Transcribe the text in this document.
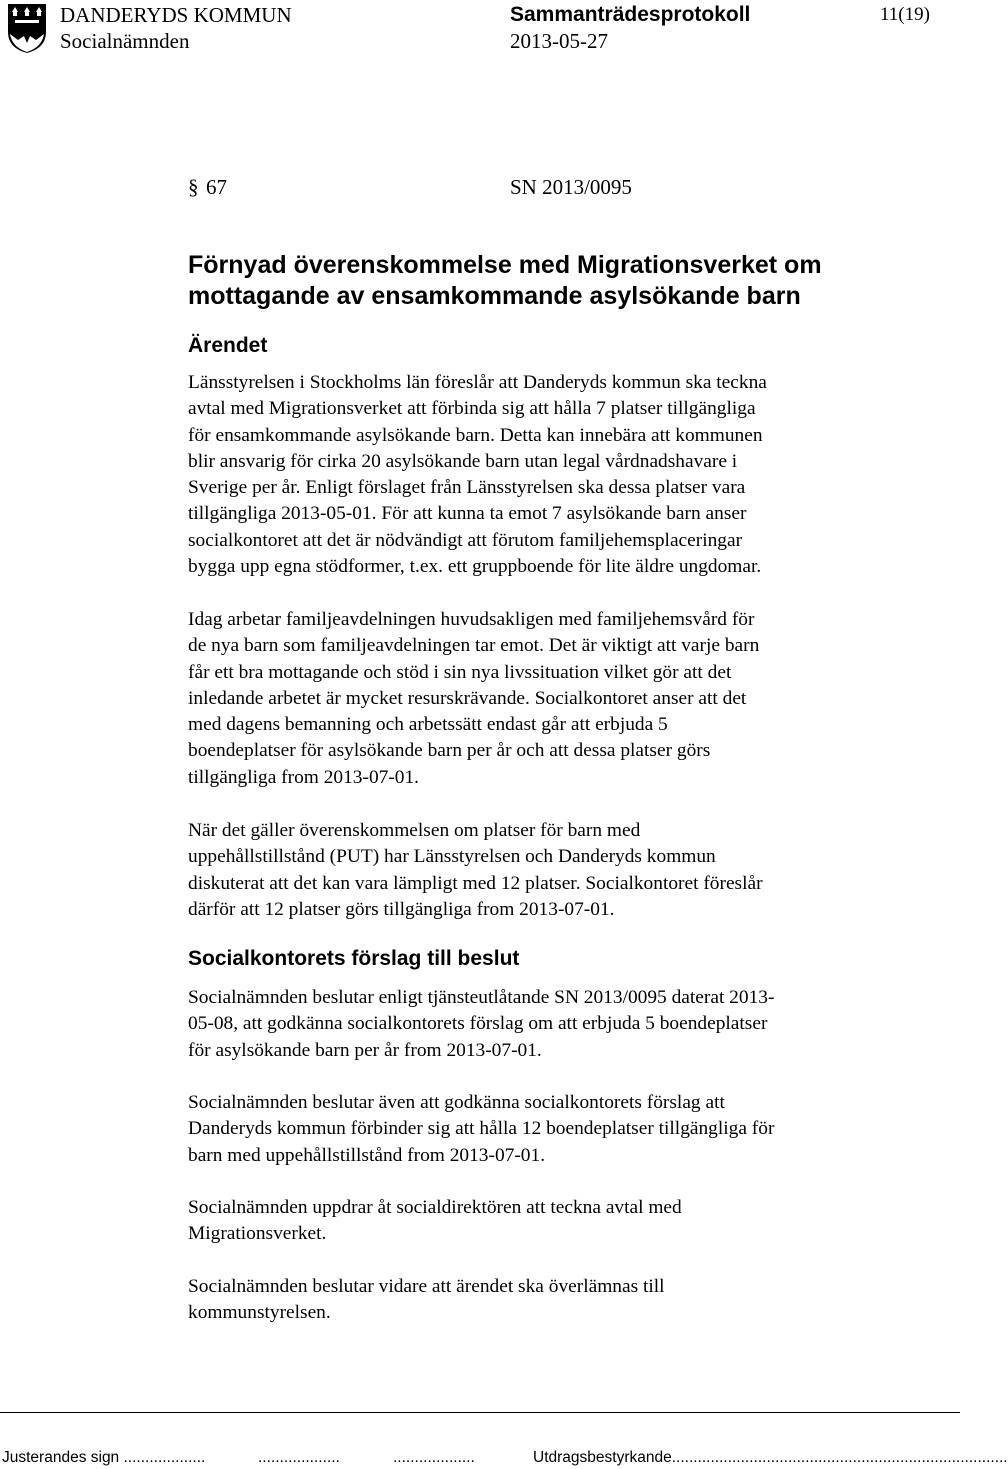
DANDERYDS KOMMUN	Sammanträdesprotokoll	11(19)
Socialnämnden	2013-05-27
§ 67	SN 2013/0095
Förnyad överenskommelse med Migrationsverket om
mottagande av ensamkommande asylsökande barn
Ärendet

Länsstyrelsen i Stockholms län föreslår att Danderyds kommun ska teckna

avtal med Migrationsverket att förbinda sig att hålla 7 platser tillgängliga

för ensamkommande asylsökande barn. Detta kan innebära att kommunen

blir ansvarig för cirka 20 asylsökande barn utan legal vårdnadshavare i

Sverige per år. Enligt förslaget från Länsstyrelsen ska dessa platser vara

tillgängliga 2013-05-01. För att kunna ta emot 7 asylsökande barn anser

socialkontoret att det är nödvändigt att förutom familjehemsplaceringar

bygga upp egna stödformer, t.ex. ett gruppboende för lite äldre ungdomar.

Idag arbetar familjeavdelningen huvudsakligen med familjehemsvård för

de nya barn som familjeavdelningen tar emot. Det är viktigt att varje barn

får ett bra mottagande och stöd i sin nya livssituation vilket gör att det

inledande arbetet är mycket resurskrävande. Socialkontoret anser att det

med dagens bemanning och arbetssätt endast går att erbjuda 5

boendeplatser för asylsökande barn per år och att dessa platser görs

tillgängliga from 2013-07-01.

När det gäller överenskommelsen om platser för barn med

uppehållstillstånd (PUT) har Länsstyrelsen och Danderyds kommun

diskuterat att det kan vara lämpligt med 12 platser. Socialkontoret föreslår

därför att 12 platser görs tillgängliga from 2013-07-01.

Socialkontorets förslag till beslut

Socialnämnden beslutar enligt tjänsteutlåtande SN 2013/0095 daterat 2013-

05-08, att godkänna socialkontorets förslag om att erbjuda 5 boendeplatser

för asylsökande barn per år from 2013-07-01.

Socialnämnden beslutar även att godkänna socialkontorets förslag att

Danderyds kommun förbinder sig att hålla 12 boendeplatser tillgängliga för

barn med uppehållstillstånd from 2013-07-01.

Socialnämnden uppdrar åt socialdirektören att teckna avtal med

Migrationsverket.

Socialnämnden beslutar vidare att ärendet ska överlämnas till

kommunstyrelsen.

Justerandes sign ...................	...................	...................	Utdragsbestyrkande..............................................................................
